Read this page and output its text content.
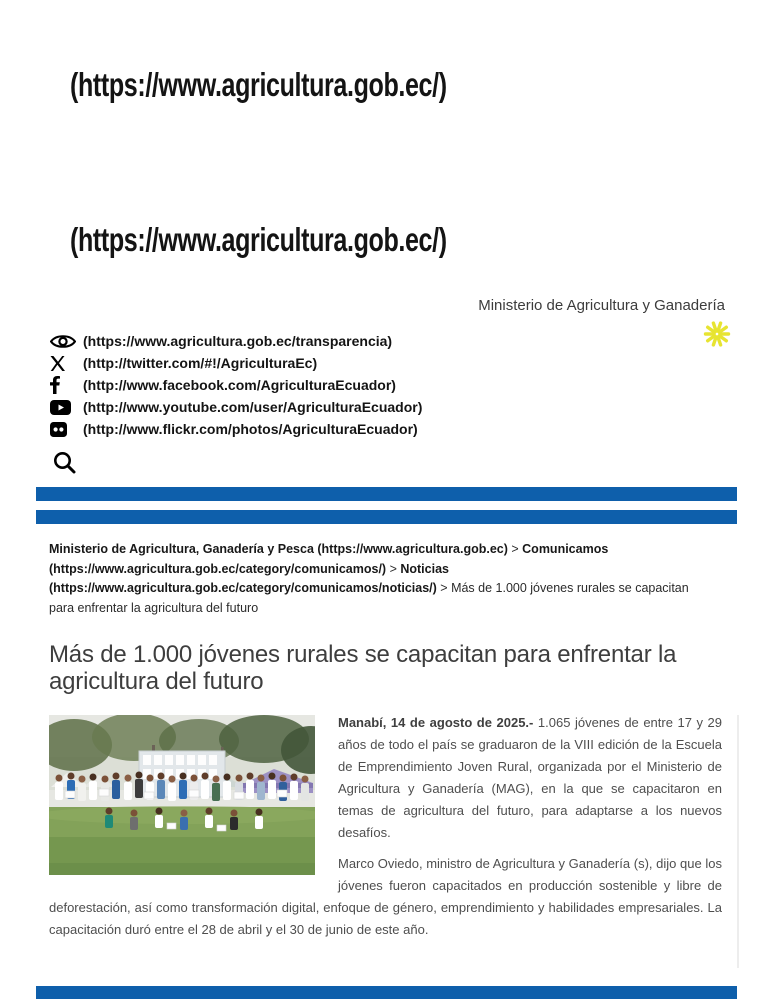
(https://www.agricultura.gob.ec/)
(https://www.agricultura.gob.ec/)
Ministerio de Agricultura y Ganadería
(https://www.agricultura.gob.ec/transparencia)
(http://twitter.com/#!/AgriculturaEc)
(http://www.facebook.com/AgriculturaEcuador)
(http://www.youtube.com/user/AgriculturaEcuador)
(http://www.flickr.com/photos/AgriculturaEcuador)
Ministerio de Agricultura, Ganadería y Pesca (https://www.agricultura.gob.ec) > Comunicamos (https://www.agricultura.gob.ec/category/comunicamos/) > Noticias (https://www.agricultura.gob.ec/category/comunicamos/noticias/) > Más de 1.000 jóvenes rurales se capacitan para enfrentar la agricultura del futuro
Más de 1.000 jóvenes rurales se capacitan para enfrentar la agricultura del futuro

Manabí, 14 de agosto de 2025.- 1.065 jóvenes de entre 17 y 29 años de todo el país se graduaron de la VIII edición de la Escuela de Emprendimiento Joven Rural, organizada por el Ministerio de Agricultura y Ganadería (MAG), en la que se capacitaron en temas de agricultura del futuro, para adaptarse a los nuevos desafíos.

Marco Oviedo, ministro de Agricultura y Ganadería (s), dijo que los jóvenes fueron capacitados en producción sostenible y libre de deforestación, así como transformación digital, enfoque de género, emprendimiento y habilidades empresariales. La capacitación duró entre el 28 de abril y el 30 de junio de este año.
